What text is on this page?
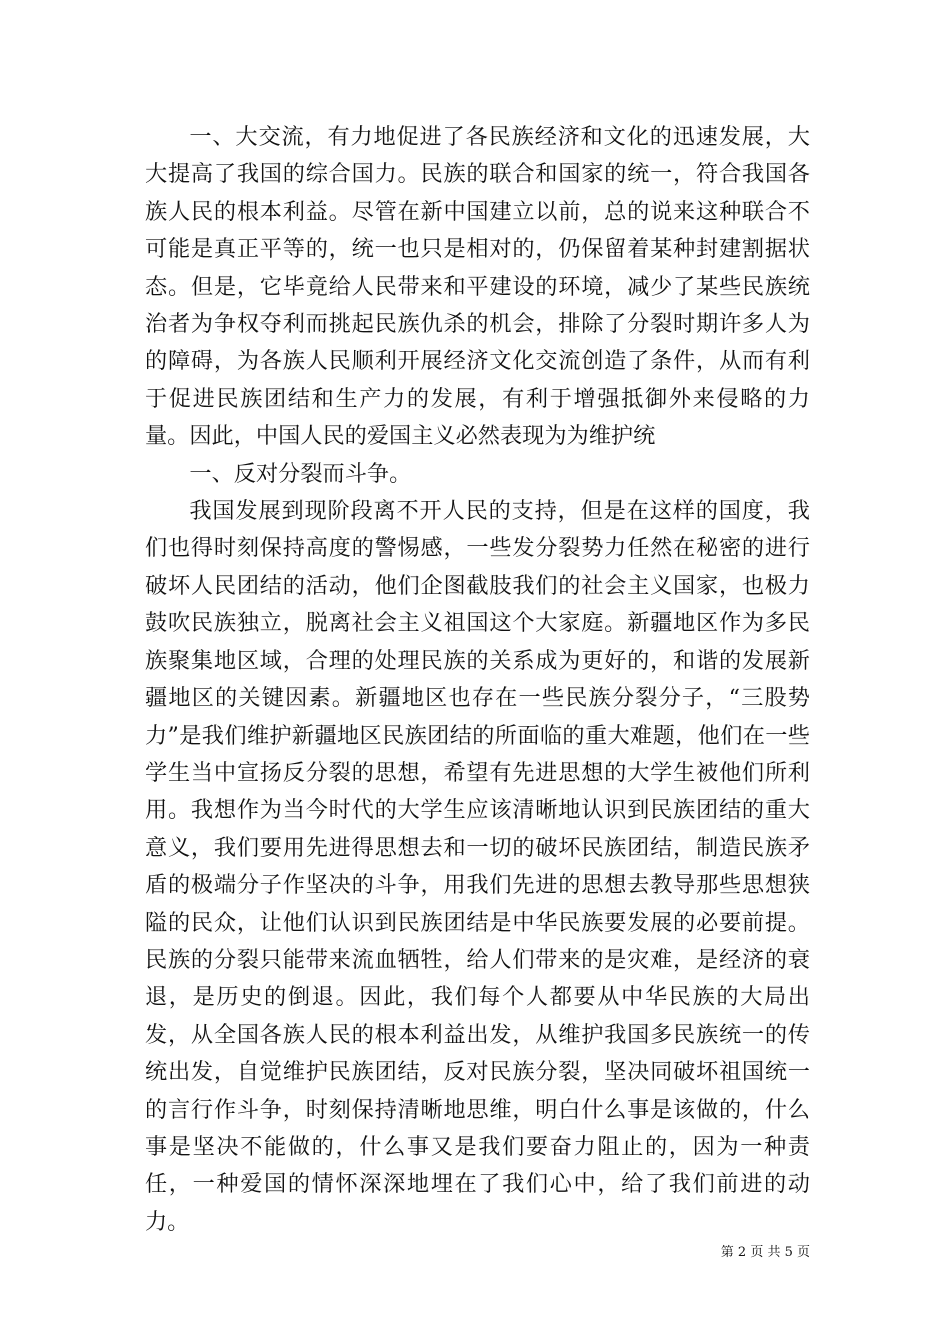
一、大交流，有力地促进了各民族经济和文化的迅速发展，大大提高了我国的综合国力。民族的联合和国家的统一，符合我国各族人民的根本利益。尽管在新中国建立以前，总的说来这种联合不可能是真正平等的，统一也只是相对的，仍保留着某种封建割据状态。但是，它毕竟给人民带来和平建设的环境，减少了某些民族统治者为争权夺利而挑起民族仇杀的机会，排除了分裂时期许多人为的障碍，为各族人民顺利开展经济文化交流创造了条件，从而有利于促进民族团结和生产力的发展，有利于增强抵御外来侵略的力量。因此，中国人民的爱国主义必然表现为为维护统

一、反对分裂而斗争。

我国发展到现阶段离不开人民的支持，但是在这样的国度，我们也得时刻保持高度的警惕感，一些发分裂势力任然在秘密的进行破坏人民团结的活动，他们企图截肢我们的社会主义国家，也极力鼓吹民族独立，脱离社会主义祖国这个大家庭。新疆地区作为多民族聚集地区域，合理的处理民族的关系成为更好的，和谐的发展新疆地区的关键因素。新疆地区也存在一些民族分裂分子，“三股势力”是我们维护新疆地区民族团结的所面临的重大难题，他们在一些学生当中宣扬反分裂的思想，希望有先进思想的大学生被他们所利用。我想作为当今时代的大学生应该清晰地认识到民族团结的重大意义，我们要用先进得思想去和一切的破坏民族团结，制造民族矛盾的极端分子作坚决的斗争，用我们先进的思想去教导那些思想狭隘的民众，让他们认识到民族团结是中华民族要发展的必要前提。民族的分裂只能带来流血牺牲，给人们带来的是灾难，是经济的衰退，是历史的倒退。因此，我们每个人都要从中华民族的大局出发，从全国各族人民的根本利益出发，从维护我国多民族统一的传统出发，自觉维护民族团结，反对民族分裂，坚决同破坏祖国统一的言行作斗争，时刻保持清晰地思维，明白什么事是该做的，什么事是坚决不能做的，什么事又是我们要奋力阻止的，因为一种责任，一种爱国的情怀深深地埋在了我们心中，给了我们前进的动力。

第 2 页 共 5 页
